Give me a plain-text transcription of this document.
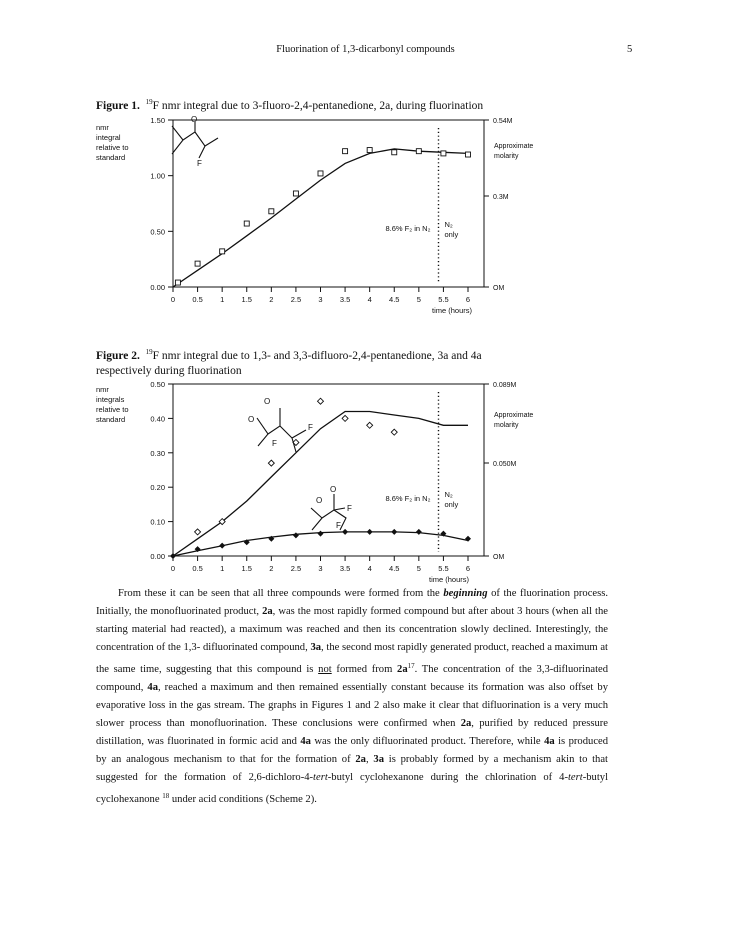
Fluorination of 1,3-dicarbonyl compounds	5
Figure 1. $^{19}$F nmr integral due to 3-fluoro-2,4-pentanedione, 2a, during fluorination
0 0.5 1 1.5 2 2.5 3 3.5 4 4.5 5 5.5 6
time (hours)
0.00
0.50
1.00
1.50
nmr
integral
relative to
standard
OM
0.3M
0.54M
Approximate
molarity
8.6% F₂ in N₂ N₂
only
O
F
Figure 2. $^{19}$F nmr integral due to 1,3- and 3,3-difluoro-2,4-pentanedione, 3a and 4a
respectively during fluorination
0 0.5 1 1.5 2 2.5 3 3.5 4 4.5 5 5.5 6
time (hours)
0.00
0.10
0.20
0.30
0.40
0.50
nmr
integrals
relative to
standard
OM
0.050M
0.089M
Approximate
molarity
8.6% F₂ in N₂ N₂
only
O
O
F
F
O
O
F
F

From these it can be seen that all three compounds were formed from the beginning of the fluorination process. Initially, the monofluorinated product, 2a, was the most rapidly formed compound but after about 3 hours (when all the starting material had reacted), a maximum was reached and then its concentration slowly declined. Interestingly, the concentration of the 1,3- difluorinated compound, 3a, the second most rapidly generated product, reached a maximum at the same time, suggesting that this compound is not formed from $2a^{17}$. The concentration of the 3,3-difluorinated compound, 4a, reached a maximum and then remained essentially constant because its formation was also offset by evaporative loss in the gas stream. The graphs in Figures 1 and 2 also make it clear that difluorination is a very much slower process than monofluorination. These conclusions were confirmed when 2a, purified by reduced pressure distillation, was fluorinated in formic acid and 4a was the only difluorinated product. Therefore, while 4a is produced by an analogous mechanism to that for the formation of 2a, 3a is probably formed by a mechanism akin to that suggested for the formation of 2,6-dichloro-4-tert-butyl cyclohexanone during the chlorination of 4-tert-butyl cyclohexanone $^{18}$ under acid conditions (Scheme 2).
